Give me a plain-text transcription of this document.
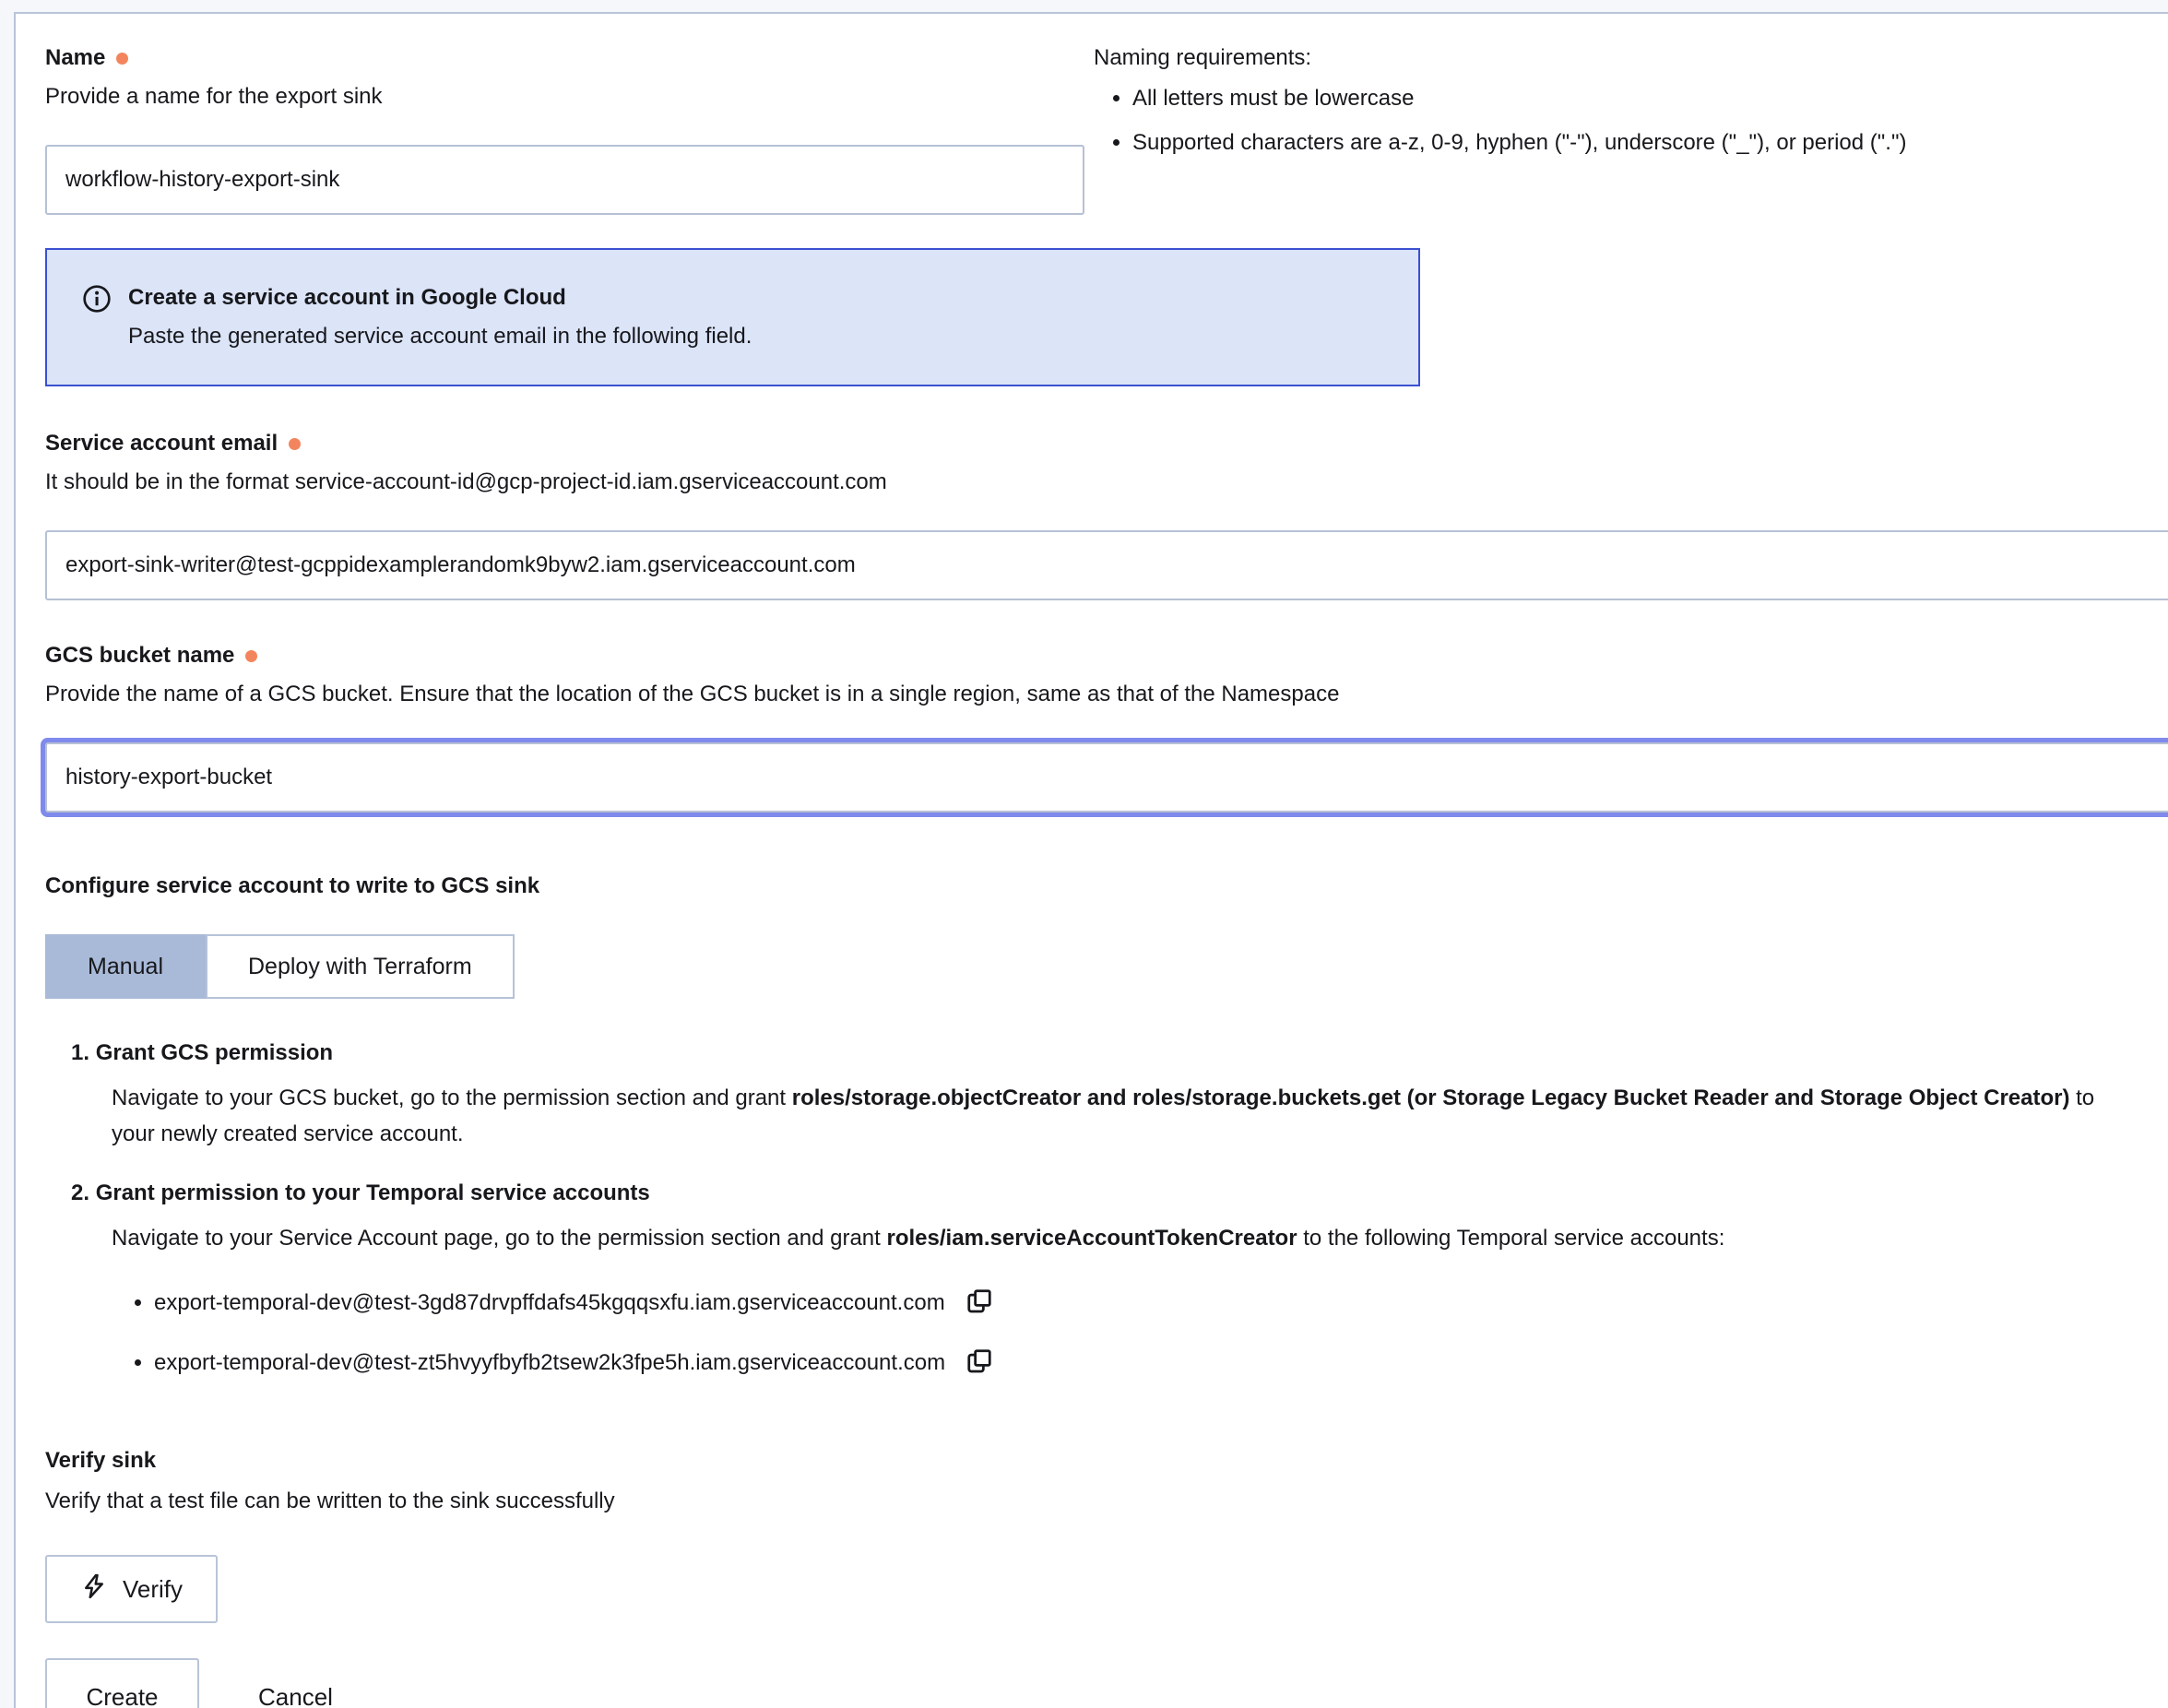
Name
Provide a name for the export sink
workflow-history-export-sink
Naming requirements:
• All letters must be lowercase
• Supported characters are a-z, 0-9, hyphen ("-"), underscore ("_"), or period (".")
Create a service account in Google Cloud
Paste the generated service account email in the following field.
Service account email
It should be in the format service-account-id@gcp-project-id.iam.gserviceaccount.com
export-sink-writer@test-gcppidexamplerandomk9byw2.iam.gserviceaccount.com
GCS bucket name
Provide the name of a GCS bucket. Ensure that the location of the GCS bucket is in a single region, same as that of the Namespace
history-export-bucket
Configure service account to write to GCS sink
Manual	Deploy with Terraform
Grant GCS permission
Navigate to your GCS bucket, go to the permission section and grant roles/storage.objectCreator and roles/storage.buckets.get (or Storage Legacy Bucket Reader and Storage Object Creator) to your newly created service account.
Grant permission to your Temporal service accounts
Navigate to your Service Account page, go to the permission section and grant roles/iam.serviceAccountTokenCreator to the following Temporal service accounts:
• export-temporal-dev@test-3gd87drvpffdafs45kgqqsxfu.iam.gserviceaccount.com
• export-temporal-dev@test-zt5hvyyfbyfb2tsew2k3fpe5h.iam.gserviceaccount.com
Verify sink
Verify that a test file can be written to the sink successfully
Verify
Create	Cancel
